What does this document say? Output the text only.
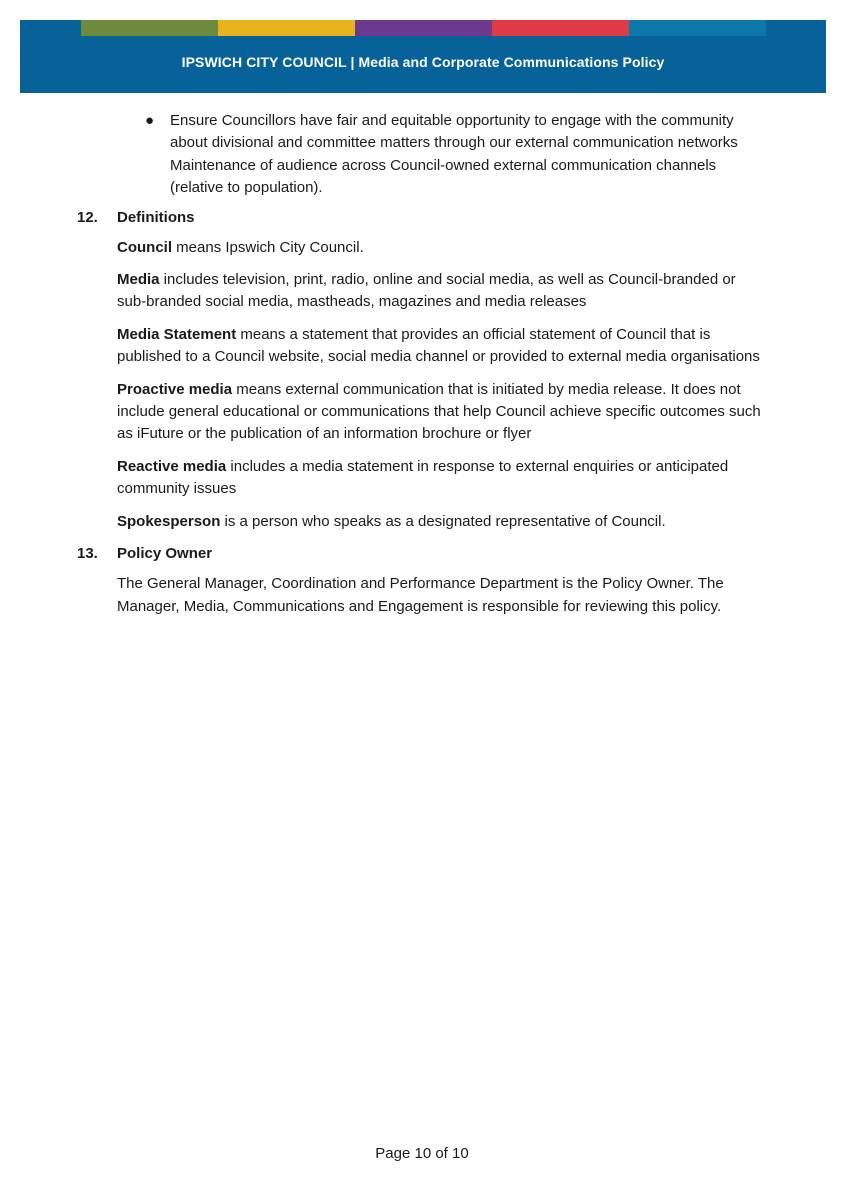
IPSWICH CITY COUNCIL | Media and Corporate Communications Policy
● Ensure Councillors have fair and equitable opportunity to engage with the community about divisional and committee matters through our external communication networks
Maintenance of audience across Council-owned external communication channels (relative to population).
12. Definitions
Council means Ipswich City Council.
Media includes television, print, radio, online and social media, as well as Council-branded or sub-branded social media, mastheads, magazines and media releases
Media Statement means a statement that provides an official statement of Council that is published to a Council website, social media channel or provided to external media organisations
Proactive media means external communication that is initiated by media release. It does not include general educational or communications that help Council achieve specific outcomes such as iFuture or the publication of an information brochure or flyer
Reactive media includes a media statement in response to external enquiries or anticipated community issues
Spokesperson is a person who speaks as a designated representative of Council.
13. Policy Owner
The General Manager, Coordination and Performance Department is the Policy Owner. The Manager, Media, Communications and Engagement is responsible for reviewing this policy.
Page 10 of 10
